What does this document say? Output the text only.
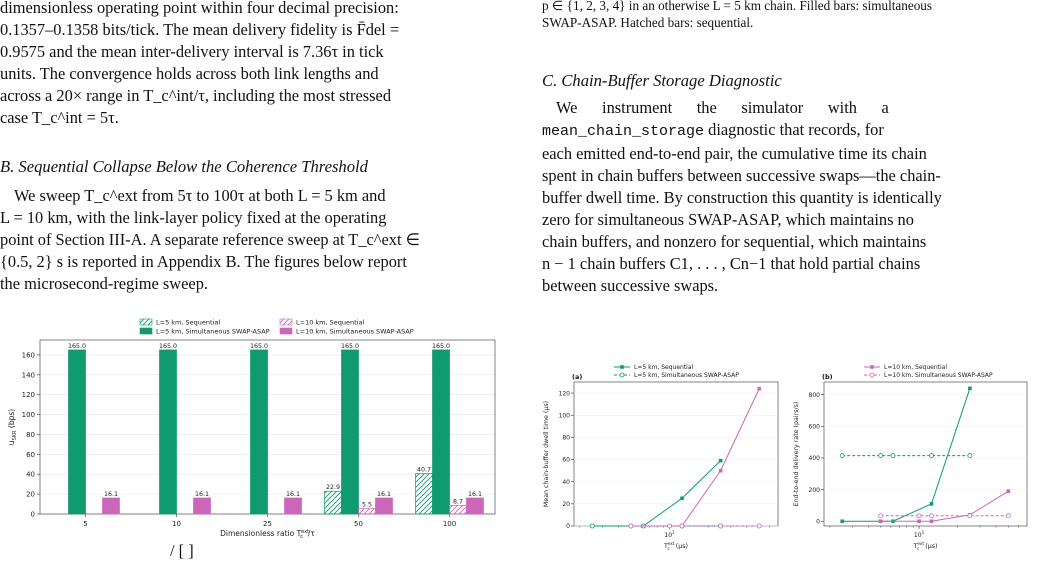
dimensionless operating point within four decimal precision:

0.1357–0.1358 bits/tick. The mean delivery fidelity is F̄del =

0.9575 and the mean inter-delivery interval is 7.36τ in tick

units. The convergence holds across both link lengths and

across a 20× range in T_c^int/τ, including the most stressed

case T_c^int = 5τ.

B. Sequential Collapse Below the Coherence Threshold

We sweep T_c^ext from 5τ to 100τ at both L = 5 km and

L = 10 km, with the link-layer policy fixed at the operating

point of Section III-A. A separate reference sweep at T_c^ext ∈

{0.5, 2} s is reported in Appendix B. The figures below report

the microsecond-regime sweep.

L=5 km, Sequential
L=5 km, Simultaneous SWAP-ASAP
L=10 km, Sequential
L=10 km, Simultaneous SWAP-ASAP
0
20
40
60
80
100
120
140
160
$u_{SKR}$ (bps)
Dimensionless ratio $T^{ext}$ c /τ
5	10	25	50	100
165.0
16.1
165.0
16.1
165.0
16.1
22.9
165.0
5.5
16.1
40.7
165.0
8.7
16.1

/ [ ]

p ∈ {1, 2, 3, 4} in an otherwise L = 5 km chain. Filled bars: simultaneous

SWAP-ASAP. Hatched bars: sequential.

C. Chain-Buffer Storage Diagnostic

We      instrument      the      simulator      with      a

mean_chain_storage diagnostic that records, for

each emitted end-to-end pair, the cumulative time its chain

spent in chain buffers between successive swaps—the chain-

buffer dwell time. By construction this quantity is identically

zero for simultaneous SWAP-ASAP, which maintains no

chain buffers, and nonzero for sequential, which maintains

n − 1 chain buffers C1, . . . , Cn−1 that hold partial chains

between successive swaps.

0
20
40
60
80
100
120
$10^1$
$T^{ext}$ c (μs)
Mean chain-buffer dwell time (μs)
(a)
L=5 km, Sequential
L=5 km, Simultaneous SWAP-ASAP
0
200
400
600
800
$10^1$
$T^{ext}$ c (μs)
End-to-end delivery rate (pairs/s)
(b)
L=10 km, Sequential
L=10 km, Simultaneous SWAP-ASAP
